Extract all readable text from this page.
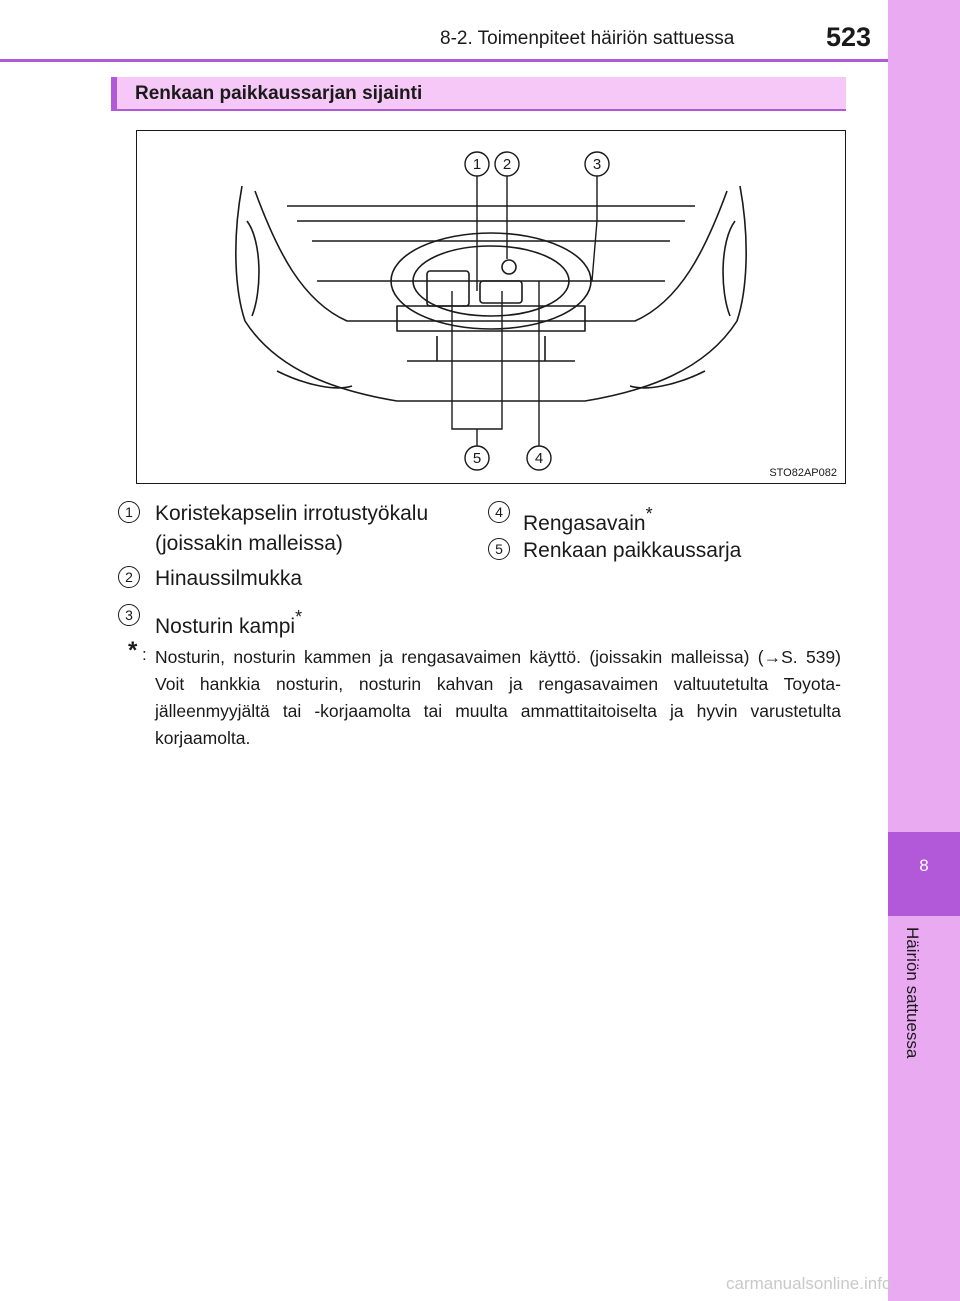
8-2. Toimenpiteet häiriön sattuessa	523
8
Häiriön sattuessa
Renkaan paikkaussarjan sijainti
1 2	3
4
5
STO82AP082
1	Koristekapselin irrotustyökalu
(joissakin malleissa)
2	Hinaussilmukka
3	Nosturin kampi*
4 Rengasavain*
5 Renkaan paikkaussarja
* : Nosturin, nosturin kammen ja rengasavaimen käyttö. (joissakin malleissa) (→S. 539) Voit hankkia nosturin, nosturin kahvan ja rengasavaimen valtuutetulta Toyota-jälleenmyyjältä tai -korjaamolta tai muulta ammattitaitoiselta ja hyvin varustetulta korjaamolta.
carmanualsonline.info
